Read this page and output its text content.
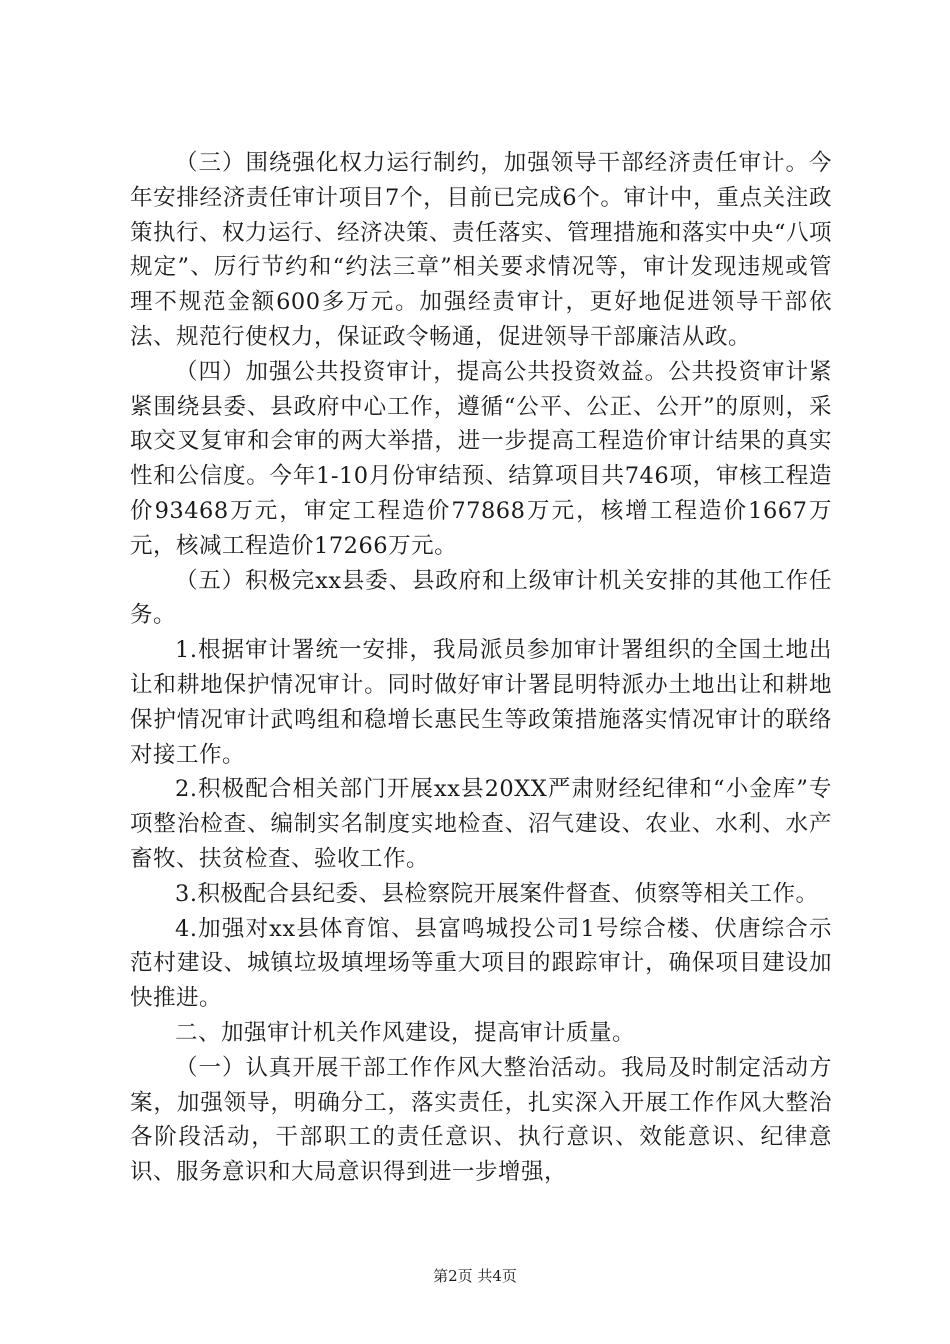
（三）围绕强化权力运行制约，加强领导干部经济责任审计。今年安排经济责任审计项目7个，目前已完成6个。审计中，重点关注政策执行、权力运行、经济决策、责任落实、管理措施和落实中央“八项规定”、厉行节约和“约法三章”相关要求情况等，审计发现违规或管理不规范金额600多万元。加强经责审计，更好地促进领导干部依法、规范行使权力，保证政令畅通，促进领导干部廉洁从政。

（四）加强公共投资审计，提高公共投资效益。公共投资审计紧紧围绕县委、县政府中心工作，遵循“公平、公正、公开”的原则，采取交叉复审和会审的两大举措，进一步提高工程造价审计结果的真实性和公信度。今年1-10月份审结预、结算项目共746项，审核工程造价93468万元，审定工程造价77868万元，核增工程造价1667万元，核减工程造价17266万元。

（五）积极完xx县委、县政府和上级审计机关安排的其他工作任务。

1.根据审计署统一安排，我局派员参加审计署组织的全国土地出让和耕地保护情况审计。同时做好审计署昆明特派办土地出让和耕地保护情况审计武鸣组和稳增长惠民生等政策措施落实情况审计的联络对接工作。

2.积极配合相关部门开展xx县20XX严肃财经纪律和“小金库”专项整治检查、编制实名制度实地检查、沼气建设、农业、水利、水产畜牧、扶贫检查、验收工作。

3.积极配合县纪委、县检察院开展案件督查、侦察等相关工作。

4.加强对xx县体育馆、县富鸣城投公司1号综合楼、伏唐综合示范村建设、城镇垃圾填埋场等重大项目的跟踪审计，确保项目建设加快推进。

二、加强审计机关作风建设，提高审计质量。

（一）认真开展干部工作作风大整治活动。我局及时制定活动方案，加强领导，明确分工，落实责任，扎实深入开展工作作风大整治各阶段活动，干部职工的责任意识、执行意识、效能意识、纪律意识、服务意识和大局意识得到进一步增强，

第2页 共4页
